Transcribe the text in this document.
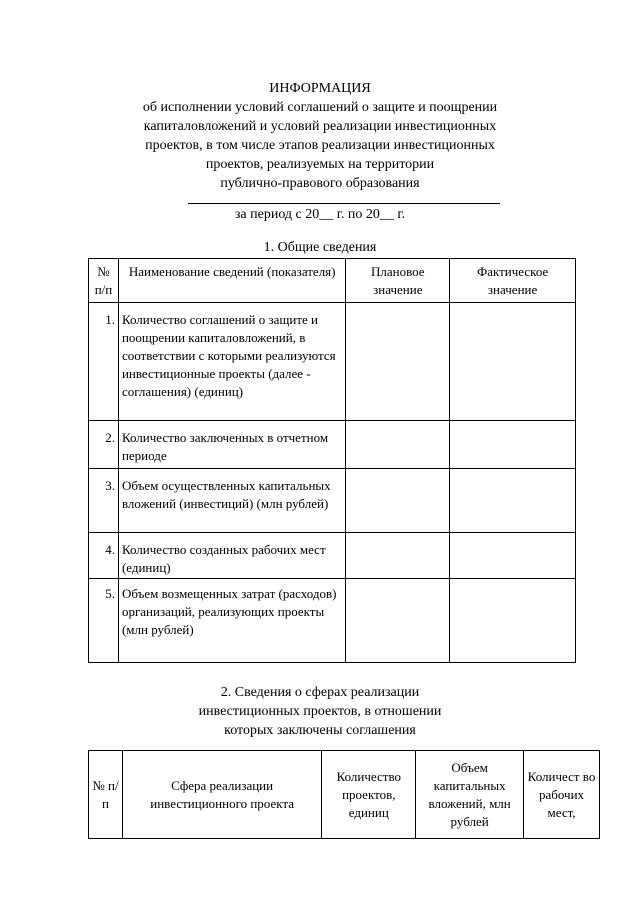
ИНФОРМАЦИЯ
об исполнении условий соглашений о защите и поощрении
капиталовложений и условий реализации инвестиционных
проектов, в том числе этапов реализации инвестиционных
проектов, реализуемых на территории
публично-правового образования
за период с 20__ г. по 20__ г.
1. Общие сведения
№ п/п	Наименование сведений (показателя)	Плановое значение	Фактическое значение
1.	Количество соглашений о защите и поощрении капиталовложений, в соответствии с которыми реализуются инвестиционные проекты (далее - соглашения) (единиц)		
2.	Количество заключенных в отчетном периоде		
3.	Объем осуществленных капитальных вложений (инвестиций) (млн рублей)		
4.	Количество созданных рабочих мест (единиц)		
5.	Объем возмещенных затрат (расходов) организаций, реализующих проекты (млн рублей)		
2. Сведения о сферах реализации
инвестиционных проектов, в отношении
которых заключены соглашения
№ п/п	Сфера реализации инвестиционного проекта	Количество проектов, единиц	Объем капитальных вложений, млн рублей	Количест во рабочих мест,
